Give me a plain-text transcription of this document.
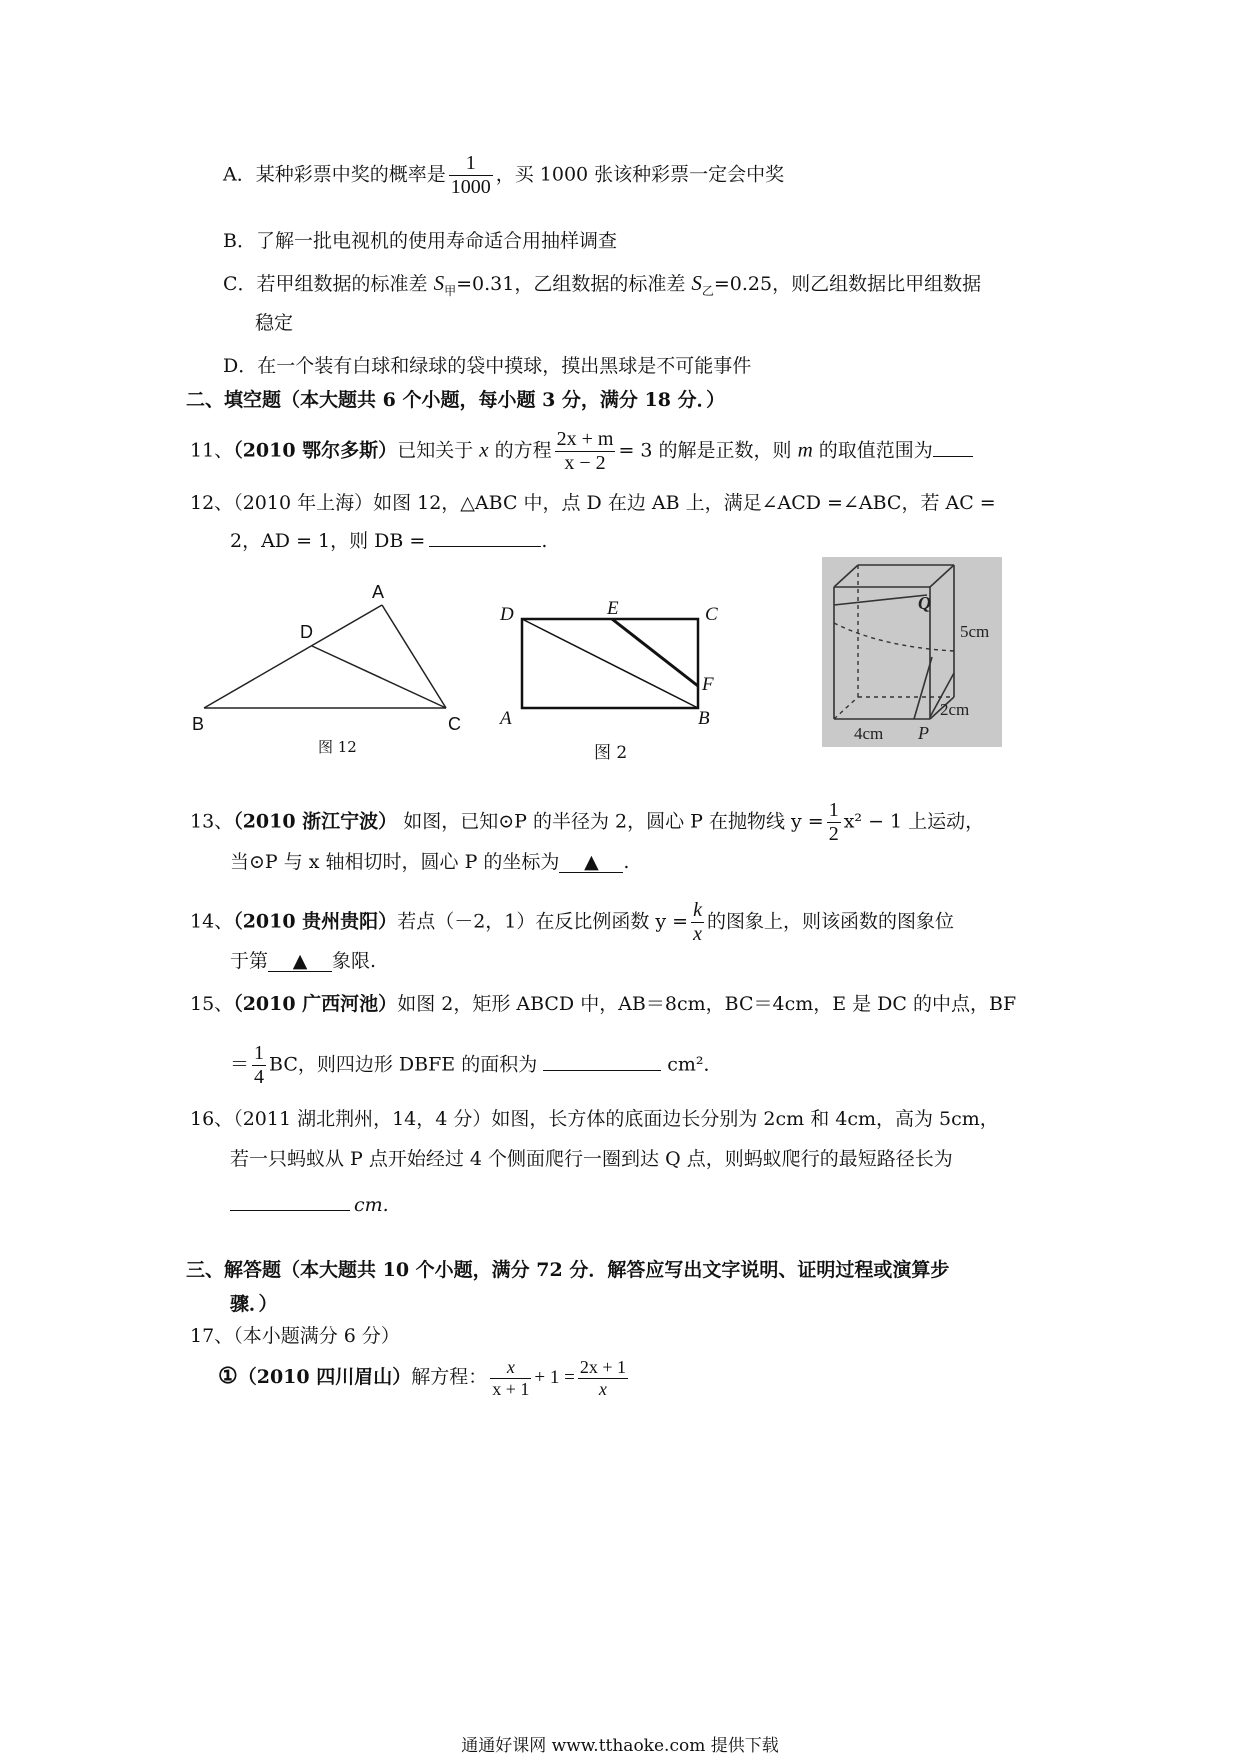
A．某种彩票中奖的概率是 $\frac{1}{1000}$ ，买 1000 张该种彩票一定会中奖
B．了解一批电视机的使用寿命适合用抽样调查
C．若甲组数据的标准差 $S_甲=0.31$，乙组数据的标准差 $S_乙=0.25$，则乙组数据比甲组数据
稳定
D．在一个装有白球和绿球的袋中摸球，摸出黑球是不可能事件
二、填空题（本大题共 6 个小题，每小题 3 分，满分 18 分．）
11、（2010 鄂尔多斯）已知关于 x 的方程 $\frac{2x + m}{x - 2} = 3$ 的解是正数，则 m 的取值范围为
12、（2010 年上海）如图 12，△ABC 中，点 D 在边 AB 上，满足∠ACD =∠ABC，若 AC =
2，AD = 1，则 DB =	.
A
D
B	C
图 12
D	E	C
F
A	B
图 2
Q
5cm
2cm
4cm P
13、（2010 浙江宁波） 如图，已知⊙P 的半径为 2，圆心 P 在抛物线 $y = \frac{1}{2} x^2 - 1$ 上运动，
当⊙P 与 x 轴相切时，圆心 P 的坐标为 ▲ .
14、（2010 贵州贵阳）若点（－2，1）在反比例函数 $y = \frac{k}{x}$ 的图象上，则该函数的图象位
于第 ▲ 象限.
15、（2010 广西河池）如图 2，矩形 ABCD 中，AB＝8cm，BC＝4cm，E 是 DC 的中点，BF
＝ $\frac{1}{4}$ BC，则四边形 DBFE 的面积为	cm²．
16、（2011 湖北荆州，14，4 分）如图，长方体的底面边长分别为 2cm 和 4cm，高为 5cm，
若一只蚂蚁从 P 点开始经过 4 个侧面爬行一圈到达 Q 点，则蚂蚁爬行的最短路径长为
cm.
三、解答题（本大题共 10 个小题，满分 72 分．解答应写出文字说明、证明过程或演算步
骤．）
17、（本小题满分 6 分）
①（2010 四川眉山）解方程： $\frac{x}{x + 1} + 1 = \frac{2x + 1}{x}$
通通好课网 www.tthaoke.com 提供下载
